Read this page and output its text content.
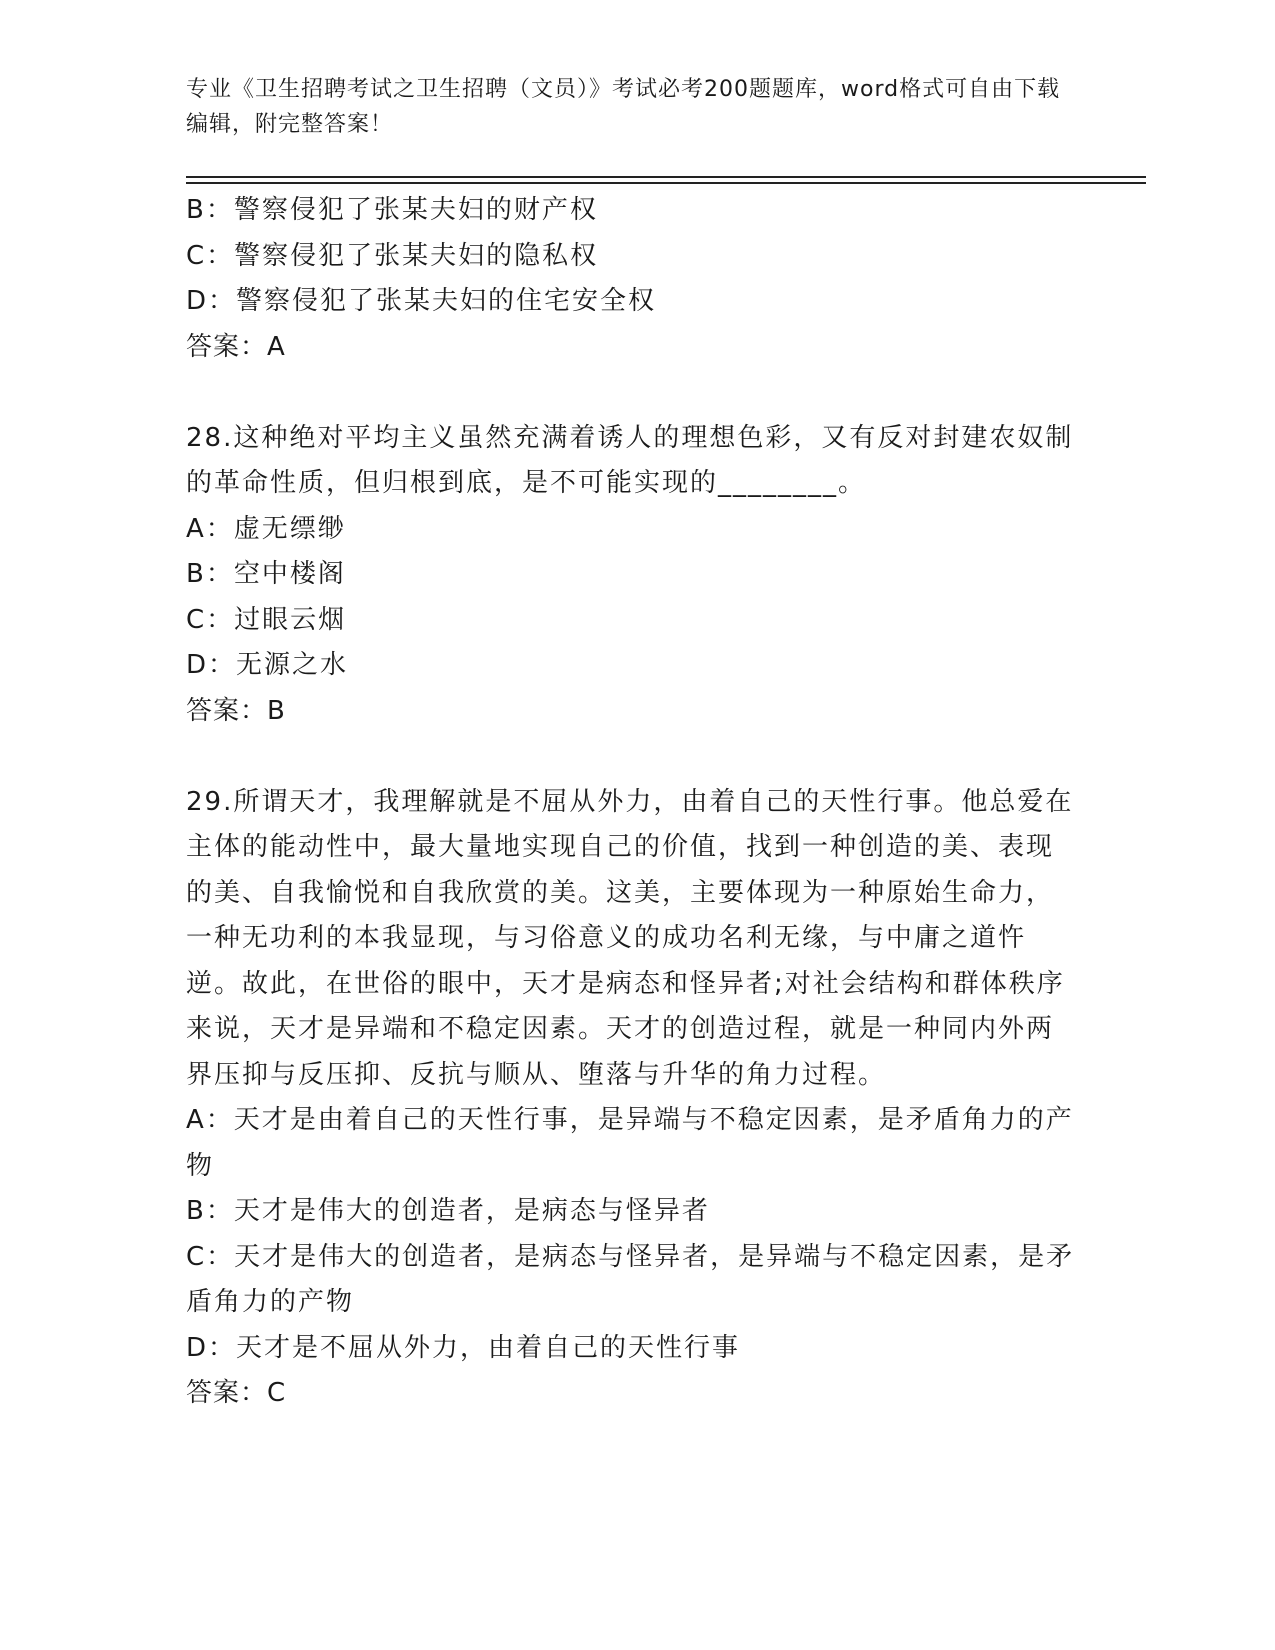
专业《卫生招聘考试之卫生招聘（文员）》考试必考200题题库，word格式可自由下载编辑，附完整答案！
B：警察侵犯了张某夫妇的财产权
C：警察侵犯了张某夫妇的隐私权
D：警察侵犯了张某夫妇的住宅安全权
答案：A
28.这种绝对平均主义虽然充满着诱人的理想色彩，又有反对封建农奴制的革命性质，但归根到底，是不可能实现的________。
A：虚无缥缈
B：空中楼阁
C：过眼云烟
D：无源之水
答案：B
29.所谓天才，我理解就是不屈从外力，由着自己的天性行事。他总爱在主体的能动性中，最大量地实现自己的价值，找到一种创造的美、表现的美、自我愉悦和自我欣赏的美。这美，主要体现为一种原始生命力，一种无功利的本我显现，与习俗意义的成功名利无缘，与中庸之道忤逆。故此，在世俗的眼中，天才是病态和怪异者;对社会结构和群体秩序来说，天才是异端和不稳定因素。天才的创造过程，就是一种同内外两界压抑与反压抑、反抗与顺从、堕落与升华的角力过程。
A：天才是由着自己的天性行事，是异端与不稳定因素，是矛盾角力的产物
B：天才是伟大的创造者，是病态与怪异者
C：天才是伟大的创造者，是病态与怪异者，是异端与不稳定因素，是矛盾角力的产物
D：天才是不屈从外力，由着自己的天性行事
答案：C
